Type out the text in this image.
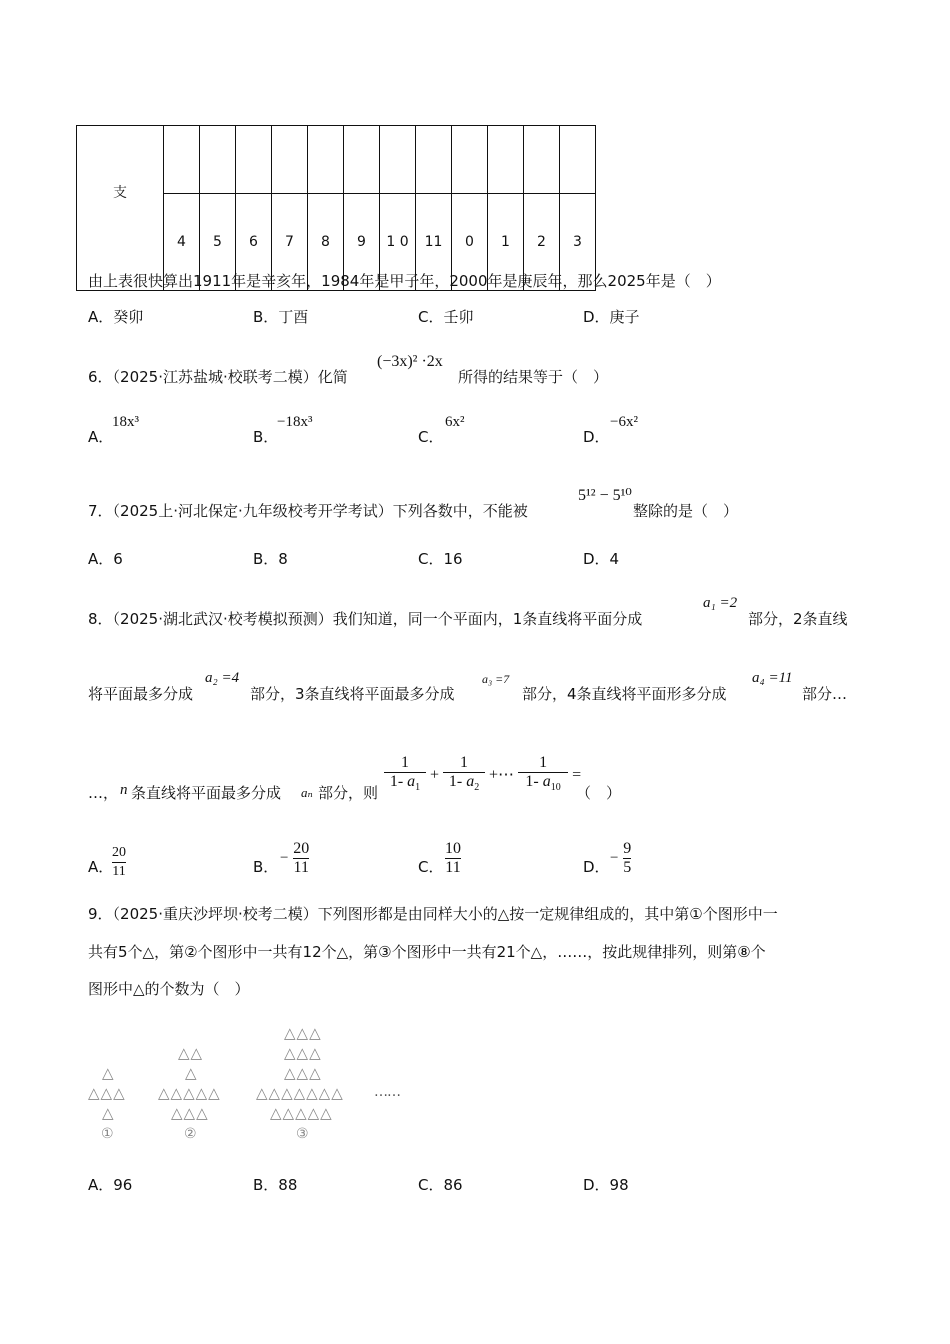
支												
	4	5	6	7	8	9	1 0	11	0	1	2	3
由上表很快算出1911年是辛亥年，1984年是甲子年，2000年是庚辰年，那么2025年是（　）
A．癸卯	B．丁酉	C．壬卯	D．庚子
6．（2025·江苏盐城·校联考二模）化简
(−3x)² ·2x
所得的结果等于（　）
A．
18x³
B．
−18x³
C．
6x²
D．
−6x²
7．（2025上·河北保定·九年级校考开学考试）下列各数中，不能被
5¹² − 5¹⁰
整除的是（　）
A．6	B．8	C．16	D．4
8．（2025·湖北武汉·校考模拟预测）我们知道，同一个平面内，1条直线将平面分成
a₁ =2
部分，2条直线
将平面最多分成
a₂ =4
部分，3条直线将平面最多分成
a₃ =7
部分，4条直线将平面形多分成
a₄ =11
部分…
…， n 条直线将平面最多分成 aₙ 部分，则 $\frac{1}{1- a_1} + \frac{1}{1- a_2}$ +⋯ $\frac{1}{1- a_{10}}$ =
（　）
A．
$\frac{20}{11}$	B． − $\frac{20}{11}$	C． $\frac{10}{11}$	D． − $\frac{9}{5}$
9．（2025·重庆沙坪坝·校考二模）下列图形都是由同样大小的△按一定规律组成的，其中第①个图形中一
共有5个△，第②个图形中一共有12个△，第③个图形中一共有21个△，……，按此规律排列，则第⑧个
图形中△的个数为（　）
△
△△△
△
①
△△
△
△△△△△
△△△
②
△△△
△△△
△△△
△△△△△△△
△△△△△
③
……
A．96	B．88	C．86	D．98
